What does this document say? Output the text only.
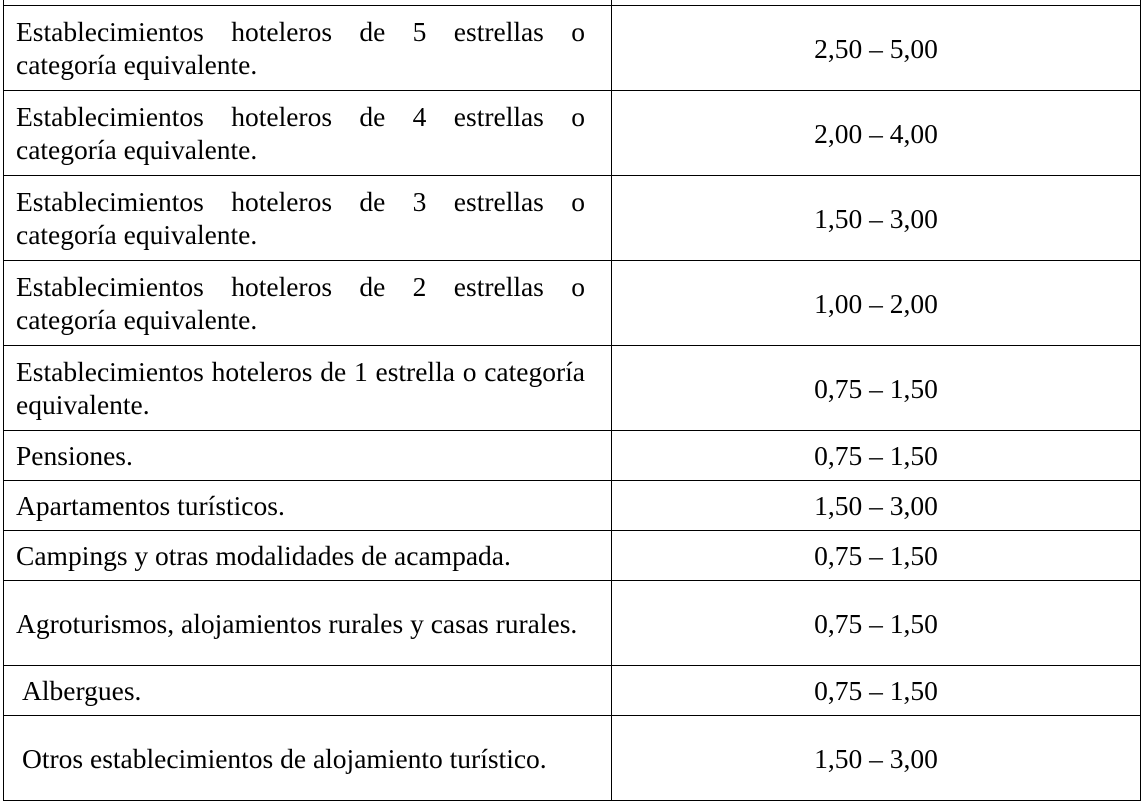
Establecimientos hoteleros de 5 estrellas o categoría equivalente.	2,50 – 5,00
Establecimientos hoteleros de 4 estrellas o categoría equivalente.	2,00 – 4,00
Establecimientos hoteleros de 3 estrellas o categoría equivalente.	1,50 – 3,00
Establecimientos hoteleros de 2 estrellas o categoría equivalente.	1,00 – 2,00
Establecimientos hoteleros de 1 estrella o categoría equivalente.	0,75 – 1,50
Pensiones.	0,75 – 1,50
Apartamentos turísticos.	1,50 – 3,00
Campings y otras modalidades de acampada.	0,75 – 1,50
Agroturismos, alojamientos rurales y casas rurales.	0,75 – 1,50
Albergues.	0,75 – 1,50
Otros establecimientos de alojamiento turístico.	1,50 – 3,00
